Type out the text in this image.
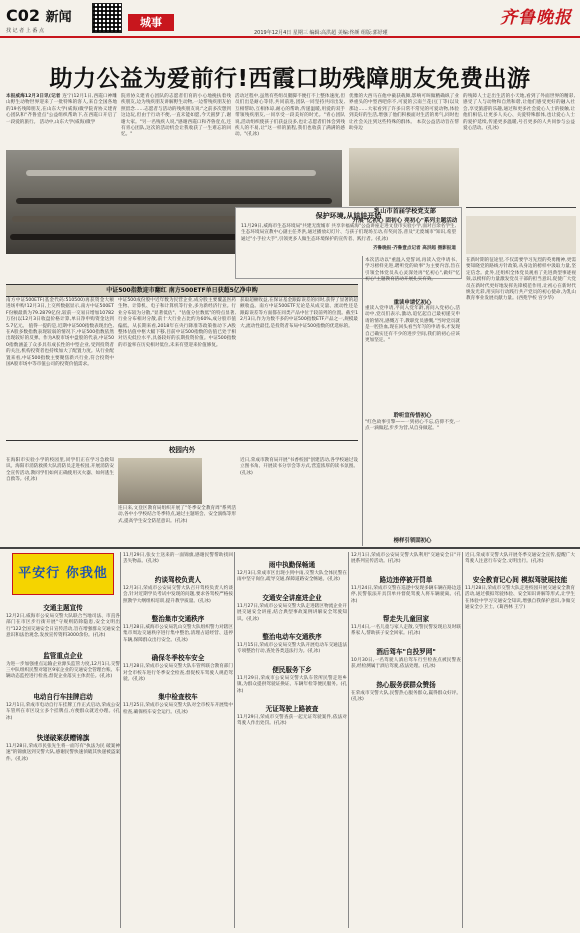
C02 新闻
找 记 者 上 番 点
城事	齐鲁晚报
2019年12月4日 星期三 编辑:高洪超 美编:佟颜 组版:郭妤瑾
助力公益为爱前行!西霞口助残障朋友免费出游
本报威海12月3日讯(记者 连宁)12月1日,西霞口神雕山野生动物世界迎来了一批特殊的客人,来自全国各地的19名残障朋友,在山东大学(威海)微学院青协义建青心团队和"齐鲁壹点"公益组织帮助下,在西霞口开启了一段爱的旅行。 活动中,山东大学(威海)微学
院青协义建青心团队的志愿者们育的小心地挽扶着残疾朋友,边为残疾朋友讲解野生动物,一边帮残疾朋友拍照留念……志愿者与活动的残疾朋友说:"之前多次想到这边玩,但由于行动不便,一直未能如愿,今天圆梦了,谢谢大家。"另一名残疾人说,"感谢西霞口和齐鲁壹点,还有青心团队,这次的活动机会让我收获了一生难忘的回忆。"
活动过程中,虽然有些组员腿脚不便打不上整体速度,但员们出是耐心等待,共同前进,团队一同坚持共同出发,互相帮助,互相体谅,耐心的帮助,传递温暖,用爱的双手带领残疾朋友,一同享受一段美好的时光。"青心团队说,活动组织使孩子们获益良多,也让志愿者们体会到残疾人的不易,让"这一样的旅程,我们也收获了满满的感动。"(孔冰)
优雅的大西马在他中截获载舞,影响可叫做精确纵了业界重头的中型西吧你不,可爱的云南兰花(豆丁等)以及那边……大家看到了许多日常不常见的可爱动物,体验到美好的生活,增强了他们积极面对生活的勇气,同时也让社会关注到这些特殊的群体。 本次公益活动旨在帮助身边
的残障人士走出生活的小天地,看到了外面世界的精彩,感受了人与动物和自然和谐,让他们感受更好的融入社会,享受旅游的乐趣,通过和更多社会爱心人士的接触,让他们相信,让更多人关心、关爱特殊群体,也让爱心人士的爱护延续,传递更多温暖,号召更多的人共同参与公益爱心活动。(孔冰)
保护环境,从娃娃开始
11月29日,威海市生态环境局"共建无废城市 共享幸福威海"公益讲座走进文登市实验小学,面对百余名学生,生态环境局宣教中心副主任齐洪,通过播放幻灯片、与孩子们现场互动,有奖问答,普及"无废城市"知识,希望通过"小手拉大手",引领更多人做生态环境保护的宣传者、践行者。(孔冰)
齐鲁晚报·齐鲁壹点记者 高洪超 摄影报道
乳山市首届学校党支部
开展"忆初心 固初心 亮初心"系列主题活动
本次活动以"重温入党誓词,再读入党申请书、学习榜样先进,聘听党的故事"为主要内容,旨在引领全体党员从心灵深处再"忆初心",做好"忆初心"主题教育活动开展扎实有效。
重读申请忆初心
重读入党申请,平问入党年龄,再问入党初心,活动中,党员们表示,激动,追忆起自己最初递交申请的情况,感慨万千,教职党员感慨,"当时党员就是一腔热血,现在回头看当年写的申请书,才发现自己确实还有不少的进步空间,我们的初心应该更加坚定。"
聆听宣传悟初心
"红色故事引擎——一到初心不忘,信仰不变,一点一滴做起,步步为营,从自身做起。"
榜样引领固初心
在新时期的征途里,不仅需要学习先烈的英勇精神,更需要知晓党的路线方针政策,从身边的榜样中汲取力量,坚定信念。此外,还组织全体党员观看了先进典型事迹视频,以榜样的力量激发党员干部的担当意识,促使广大党员在新时代更好地发挥先锋模范作用,让初心在新时代焕发光彩,用实际行动践行共产党员的初心使命,为乳山教育事业发展贡献力量。(西苑学校 宫少华)
中证500指数迎市翻红 南方500ETF单日获超5亿净申购
南方中证500ETF(基金代码:510500)再获资金大额进场申购!12月3日,上交所数据显示,南方中证500ETF份额最新为79.2879亿份,较前一交易日增加10782万份(以12月3日收盘价格计算,单日净申购资金达到5.7亿元。 值得一提的是,近期中证500指数表现出色,在A股多数指数表现较弱的情况下,中证500指数依然出现较好的反弹。作为A股市场中盘股的代表,中证500指数涵盖了众多具有成长性的中型企业,受到投资者的关注,机构投资者也持续加大了配置力度。从行业配置来看,中证500指数主要聚焦新兴行业,符合投资中国A股市场中等市值公司的投资价值需求。
中证500成份股中近年数为民营企业,成分股主要覆盖医药生物、计算机、电子和计算机等行业,多为新经济行业。行业分布较为分散,"显著低估"、"估值分位数低"的特点显著,行业分布相对分散,前十大行业占比约为60%,成分股市值偏低。从长期来看,2018年在央行降准等政策推动下,A股整体估值中枢大幅下移,目前中证500指数的估值已处于相对历史低位水平,具备较好的长期投资价值。中证500指数的市盈率在历史相对低位,未来有望迎来价值修复。
获取超额收益,在保证基金跟踪误差的同时,获得了显著的超额收益。南方中证500ETF无论是从成交量、流动性还是跟踪误差等方面都在同类产品中位于较前列的位置。截至12月3日,作为为数不多的中证500指数ETF产品之一,规模最大,流动性最佳,是投资者布局中证500指数的优选标的。
校园内外
在海阳市实验小学的校园里,同学们正在学习急救知识。海阳市消防救援大队消防员走进校园,开展消防安全宣传活动,教同学们如何正确使用灭火器、如何逃生自救等。(孔冰)
连日来,文登区教育局组织开展了"冬季安全教育周"系列活动,各中小学校结合冬季特点,通过主题班会、安全演练等形式,提高学生安全防范意识。(孔冰)
近日,荣成市教育局开展"书香校园"创建活动,各学校通过设立图书角、开展读书分享会等方式,营造浓厚的读书氛围。(孔冰)
平安行 你我他
交通主题宣传
12月2日,威海市公安局交警大队联合当地司法、市直各部门在市区步行街开展"守规则防除隐患,安全文明出行"122全国交通安全日宣传活动,旨在增强群众交通安全意识和法治观念,发放宣传资料3000余份。(孔冰)
监管重点企业
为进一步加强重点运输企业源头监管力度,12月1日,交警三中队组织民警对辖区9家企业的交通安全管理台账、车辆动态监控进行检查,督促企业落实主体责任。(孔冰)
电动自行车挂牌启动
12月1日,荣成市电动自行车挂牌工作正式启动,荣成公安车管所在市区设立多个挂牌点,方便群众就近办理。(孔冰)
快递破案获赠锦旗
11月28日,荣成市民张先生将一面写有"执法为民 破案神速"的锦旗送到交警大队,感谢民警快速侦破其快递被盗案件。(孔冰)
11月29日,张女士送来的一面锦旗,感谢民警帮助找回丢失物品。(孔冰)
约谈驾校负责人
12月3日,荣成市公安局交警大队召开驾校负责人约谈会,针对近期学员考试中发现的问题,要求各驾校严格按照教学大纲组织培训,提升教学质量。(孔冰)
整治集市交通秩序
11月28日,威海市公安局乳山交警大队组织警力对辖区集市周边交通秩序进行集中整治,清理占道经营、违停车辆,保障群众出行安全。(孔冰)
确保冬季校车安全
11月28日,荣成市公安局交警大队车管所联合教育部门对全市校车进行冬季安全检查,督促校车驾驶人规范驾驶。(孔冰)
集中检查校车
11月25日,荣成市公安局交警大队对全市校车开展集中检查,确保校车安全运行。(孔冰)
雨中执勤保畅通
12月3日,荣成市区出现小到中雨,交警大队全体民警在雨中坚守岗位,疏导交通,保障道路安全畅通。(孔冰)
交通安全讲座进企业
11月27日,荣成市公安局交警大队走进辖区物流企业开展交通安全讲座,结合典型事故案例讲解安全驾驶知识。(孔冰)
整治电动车交通秩序
11月15日,荣成市公安局交警大队开展电动车交通违法专项整治行动,查处各类违法行为。(孔冰)
便民服务下乡
11月29日,荣成市公安局交警大队车管所民警走进乡镇,为群众提供驾驶证换证、车辆年检等便民服务。(孔冰)
无证驾驶上路被查
11月29日,荣成市交警查获一起无证驾驶案件,依法对驾驶人作出处罚。(孔冰)
12月1日,荣成市公安局交警大队利用"交通安全日"开展系列宣传活动。(孔冰)
路边违停被开罚单
11月24日,荣成市交警在巡逻中发现多辆车辆在路边违停,民警依法开具罚单并督促驾驶人将车辆驶离。(孔冰)
帮走失儿童回家
11月4日,一名儿童与家人走散,交警民警发现后及时联系家人,帮助孩子安全回家。(孔冰)
酒后驾车"自投罗网"
10月30日,一名驾驶人酒后驾车行至检查点被民警查获,经检测属于酒后驾驶,依法处理。(孔冰)
热心服务获群众赞扬
在荣成市交警大队,民警热心服务群众,赢得群众好评。(孔冰)
近日,荣成市交警大队开展冬季交通安全宣传,提醒广大驾驶人注意行车安全,文明出行。(孔冰)
安全教育记心间 模拟驾驶展技能
11月28日,荣成市交警大队走进校园开展交通安全教育活动,通过模拟驾驶体验、安全知识讲解等形式,让学生在体验中学习交通安全知识,增强自我保护意识,争做交通安全小卫士。(葛西林 王宁)
